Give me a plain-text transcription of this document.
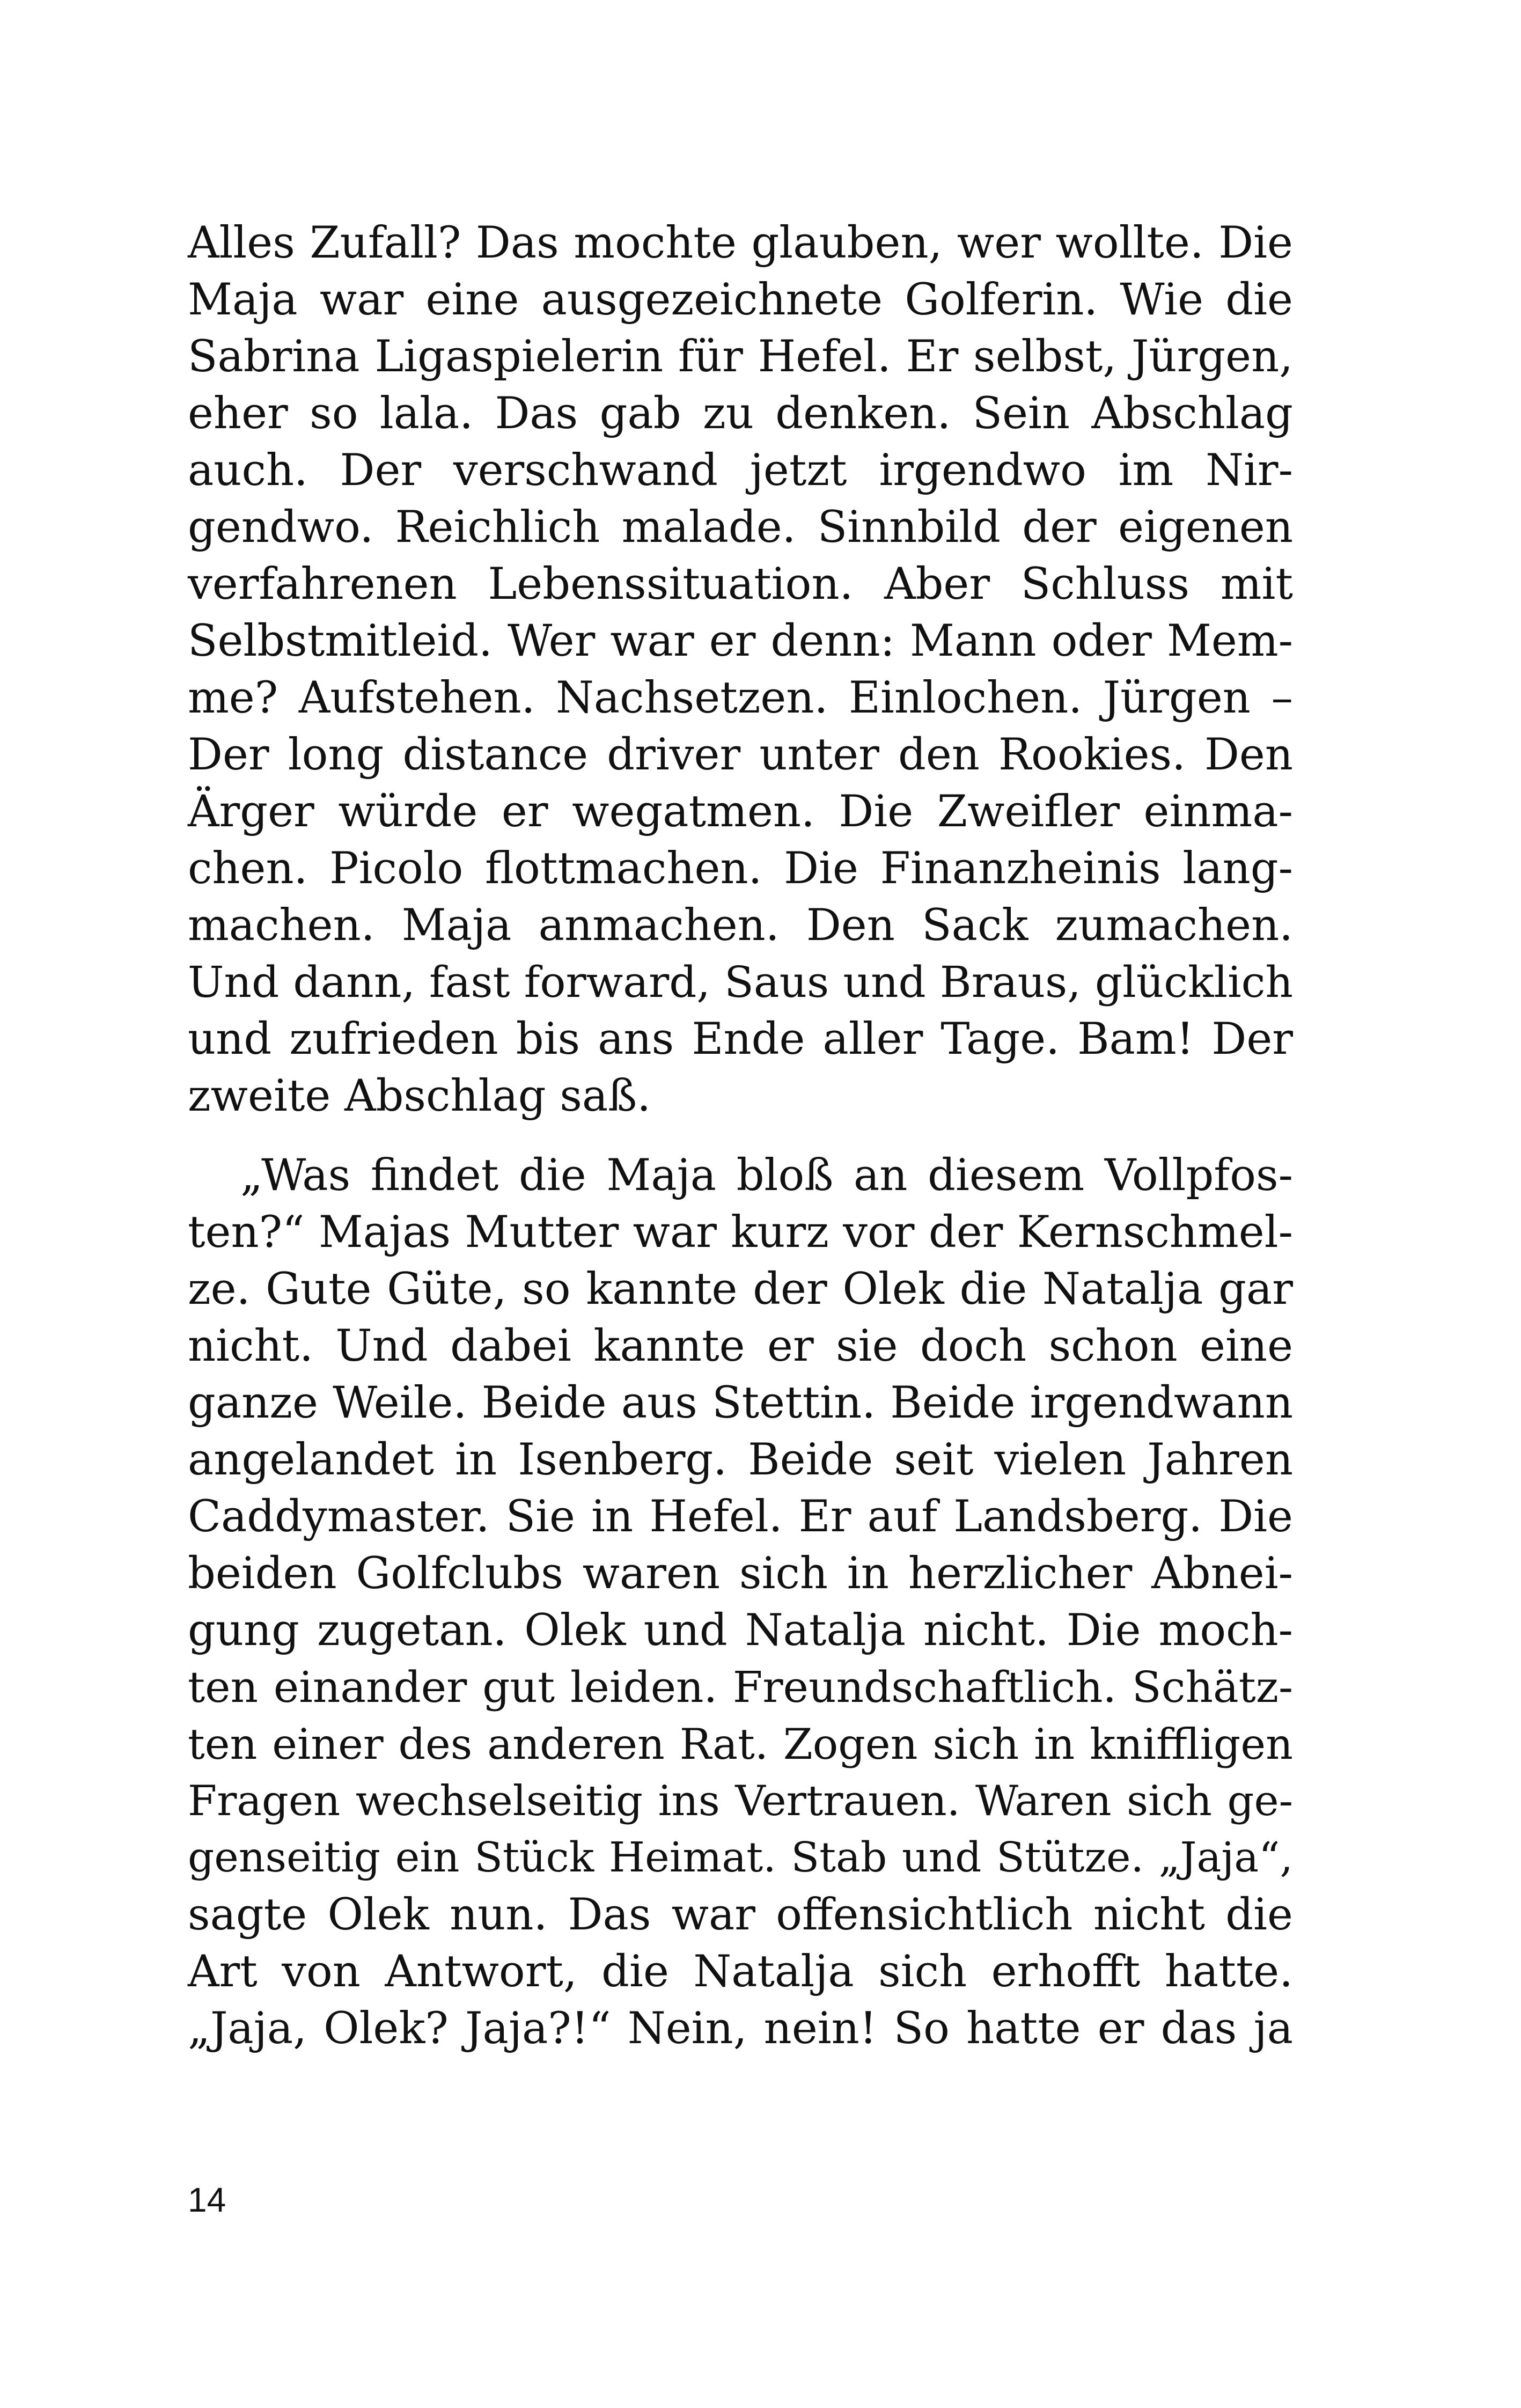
Alles Zufall? Das mochte glauben, wer wollte. Die
Maja war eine ausgezeichnete Golferin. Wie die
Sabrina Ligaspielerin für Hefel. Er selbst, Jürgen,
eher so lala. Das gab zu denken. Sein Abschlag
auch. Der verschwand jetzt irgendwo im Nir-
gendwo. Reichlich malade. Sinnbild der eigenen
verfahrenen Lebenssituation. Aber Schluss mit
Selbstmitleid. Wer war er denn: Mann oder Mem-
me? Aufstehen. Nachsetzen. Einlochen. Jürgen –
Der long distance driver unter den Rookies. Den
Ärger würde er wegatmen. Die Zweifler einma-
chen. Picolo flottmachen. Die Finanzheinis lang-
machen. Maja anmachen. Den Sack zumachen.
Und dann, fast forward, Saus und Braus, glücklich
und zufrieden bis ans Ende aller Tage. Bam! Der
zweite Abschlag saß.
„Was findet die Maja bloß an diesem Vollpfos-
ten?“ Majas Mutter war kurz vor der Kernschmel-
ze. Gute Güte, so kannte der Olek die Natalja gar
nicht. Und dabei kannte er sie doch schon eine
ganze Weile. Beide aus Stettin. Beide irgendwann
angelandet in Isenberg. Beide seit vielen Jahren
Caddymaster. Sie in Hefel. Er auf Landsberg. Die
beiden Golfclubs waren sich in herzlicher Abnei-
gung zugetan. Olek und Natalja nicht. Die moch-
ten einander gut leiden. Freundschaftlich. Schätz-
ten einer des anderen Rat. Zogen sich in kniffligen
Fragen wechselseitig ins Vertrauen. Waren sich ge-
genseitig ein Stück Heimat. Stab und Stütze. „Jaja“,
sagte Olek nun. Das war offensichtlich nicht die
Art von Antwort, die Natalja sich erhofft hatte.
„Jaja, Olek? Jaja?!“ Nein, nein! So hatte er das ja
14
